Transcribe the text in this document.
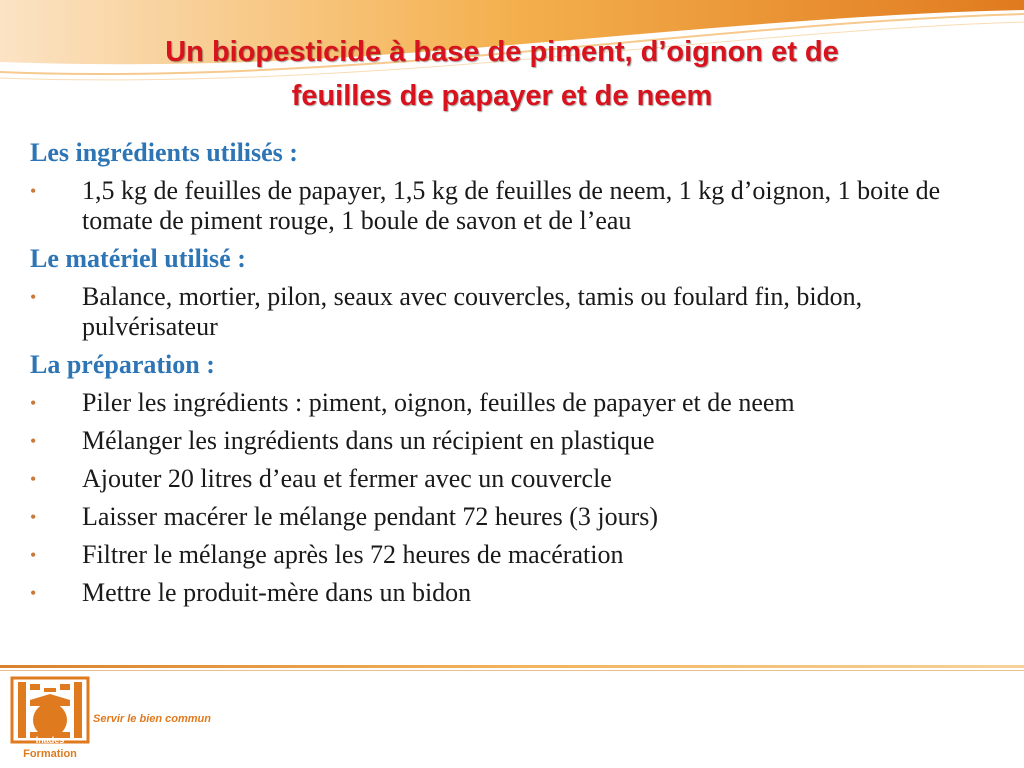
Un biopesticide à base de piment, d’oignon et de
feuilles de papayer et de neem
Les ingrédients utilisés :
• 1,5 kg de feuilles de papayer, 1,5 kg de feuilles de neem, 1 kg d’oignon, 1 boite de tomate de piment rouge, 1 boule de savon et de l’eau
Le matériel utilisé :
• Balance, mortier, pilon, seaux avec couvercles, tamis ou foulard fin, bidon, pulvérisateur
La préparation :
• Piler les ingrédients : piment, oignon, feuilles de papayer et de neem
• Mélanger les ingrédients dans un récipient en plastique
• Ajouter 20 litres d’eau et fermer avec un couvercle
• Laisser macérer le mélange pendant 72 heures (3 jours)
• Filtrer le mélange après les 72 heures de macération
• Mettre le produit-mère dans un bidon
Inades
Formation
Servir le bien commun
